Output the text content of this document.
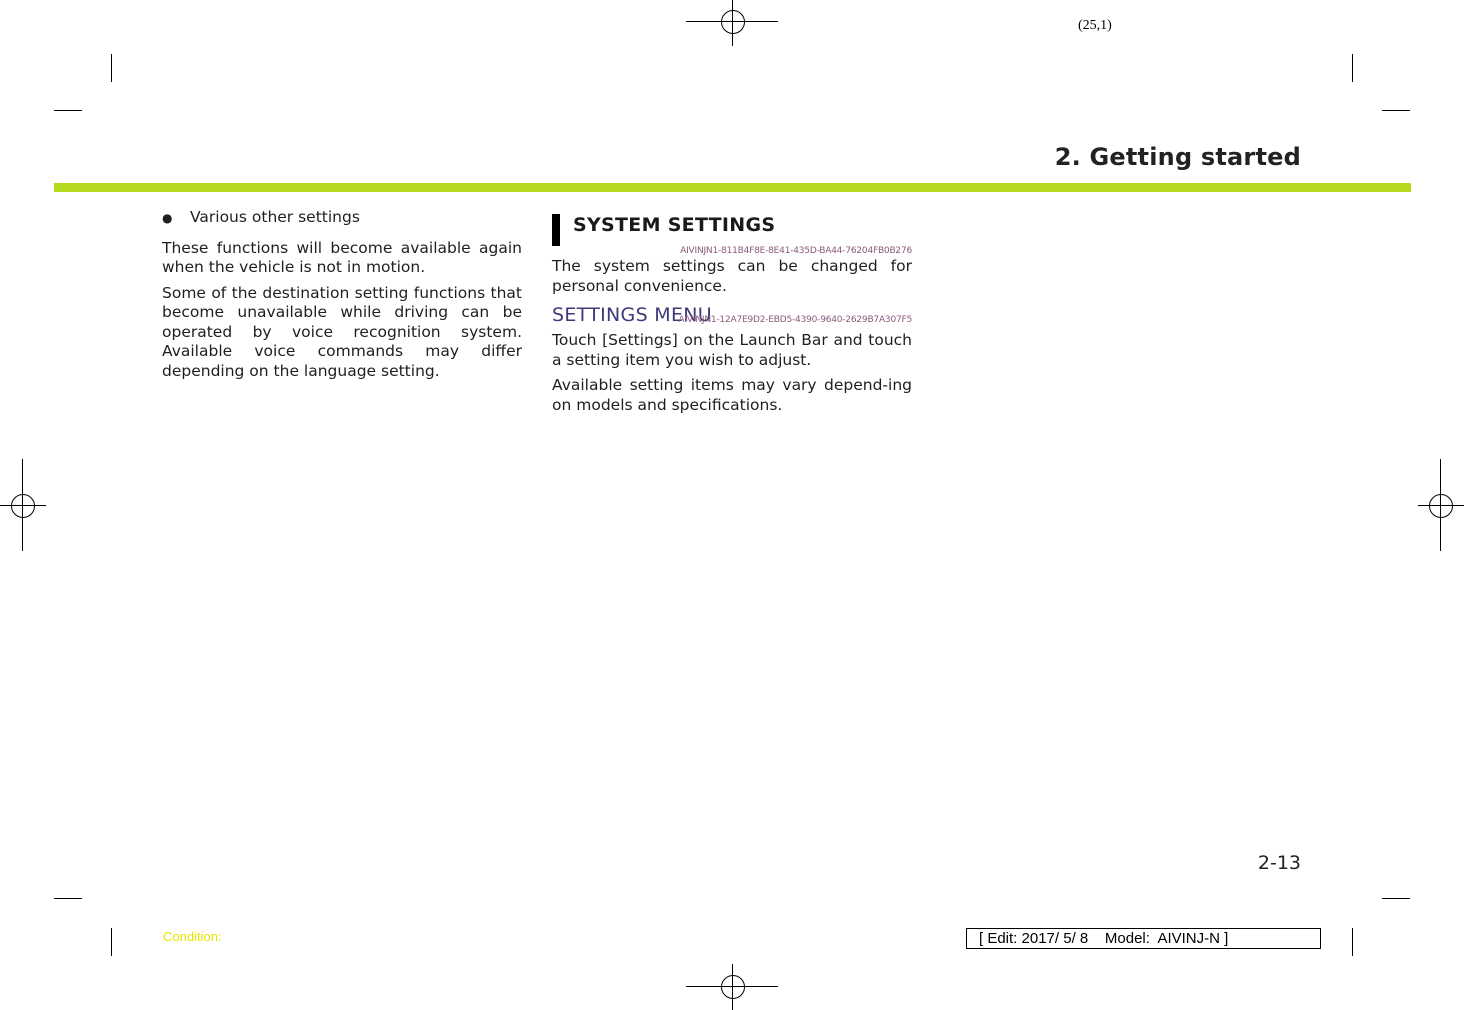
(25,1)
2. Getting started
●	Various other settings

These functions will become available again when the vehicle is not in motion.

Some of the destination setting functions that become unavailable while driving can be operated by voice recognition system. Available voice commands may differ depending on the language setting.

SYSTEM SETTINGS
AIVINJN1-811B4F8E-8E41-435D-BA44-76204FB0B276

The system settings can be changed for personal convenience.

SETTINGS MENU
AIVINJN1-12A7E9D2-EBD5-4390-9640-2629B7A307F5

Touch [Settings] on the Launch Bar and touch a setting item you wish to adjust.

Available setting items may vary depend-ing on models and specifications.

2-13
Condition:	[ Edit: 2017/ 5/ 8    Model:  AIVINJ-N ]
